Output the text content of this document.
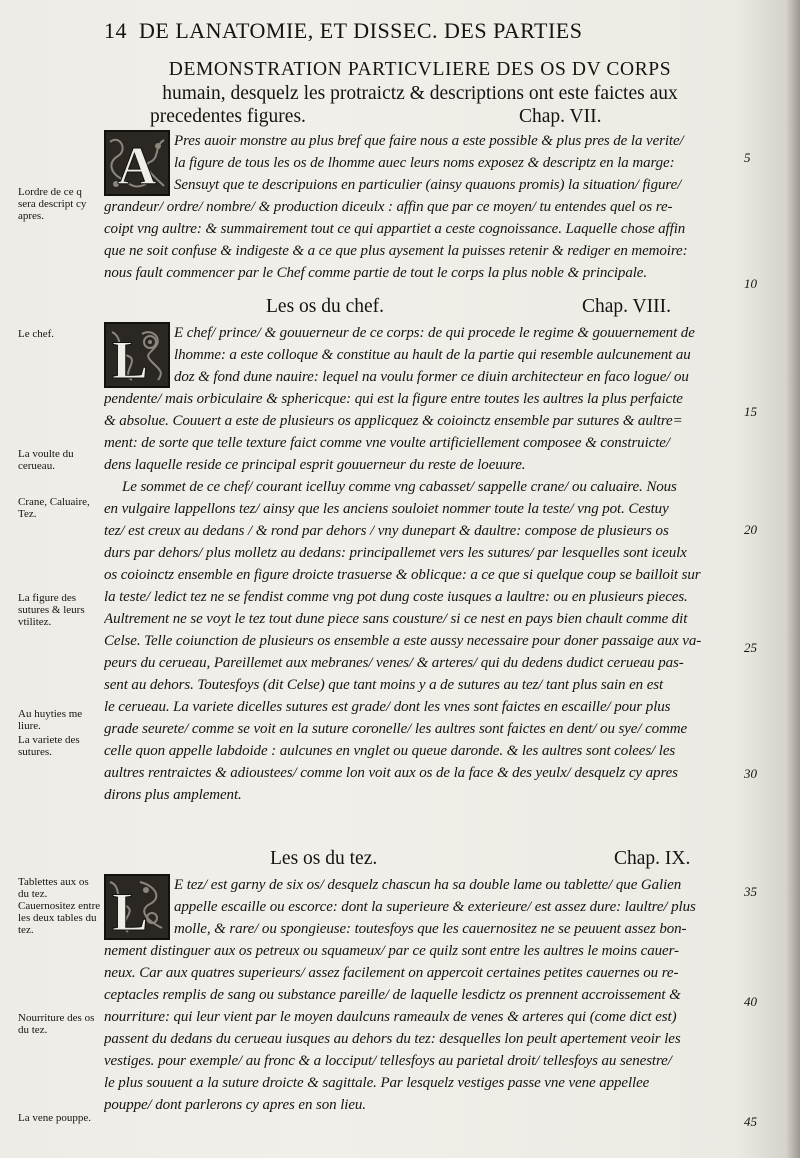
14 DE LANATOMIE, ET DISSEC. DES PARTIES
DEMONSTRATION PARTICVLIERE DES OS DV CORPS
humain, desquelz les protraictz & descriptions ont este faictes aux
precedentes figures.	Chap. VII.
A	Pres auoir monstre au plus bref que faire nous a este possible & plus pres de la verite/
la figure de tous les os de lhomme auec leurs noms exposez & descriptz en la marge:
Sensuyt que te descripuions en particulier (ainsy quauons promis) la situation/ figure/
grandeur/ ordre/ nombre/ & production diceulx : affin que par ce moyen/ tu entendes quel os re-
coipt vng aultre: & summairement tout ce qui appartiet a ceste cognoissance. Laquelle chose affin
que ne soit confuse & indigeste & a ce que plus aysement la puisses retenir & rediger en memoire:
nous fault commencer par le Chef comme partie de tout le corps la plus noble & principale.
Les os du chef.	Chap. VIII.
L	E chef/ prince/ & gouuerneur de ce corps: de qui procede le regime & gouuernement de
lhomme: a este colloque & constitue au hault de la partie qui resemble aulcunement au
doz & fond dune nauire: lequel na voulu former ce diuin architecteur en faco logue/ ou
pendente/ mais orbiculaire & sphericque: qui est la figure entre toutes les aultres la plus perfaicte
& absolue. Couuert a este de plusieurs os applicquez & coioinctz ensemble par sutures & aultre=
ment: de sorte que telle texture faict comme vne voulte artificiellement composee & construicte/
dens laquelle reside ce principal esprit gouuerneur du reste de loeuure.
Le sommet de ce chef/ courant icelluy comme vng cabasset/ sappelle crane/ ou caluaire. Nous
en vulgaire lappellons tez/ ainsy que les anciens souloiet nommer toute la teste/ vng pot. Cestuy
tez/ est creux au dedans / & rond par dehors / vny dunepart & daultre: compose de plusieurs os
durs par dehors/ plus molletz au dedans: principallemet vers les sutures/ par lesquelles sont iceulx
os coioinctz ensemble en figure droicte trasuerse & oblicque: a ce que si quelque coup se bailloit sur
la teste/ ledict tez ne se fendist comme vng pot dung coste iusques a laultre: ou en plusieurs pieces.
Aultrement ne se voyt le tez tout dune piece sans cousture/ si ce nest en pays bien chault comme dit
Celse. Telle coiunction de plusieurs os ensemble a este aussy necessaire pour doner passaige aux va-
peurs du cerueau, Pareillemet aux mebranes/ venes/ & arteres/ qui du dedens dudict cerueau pas-
sent au dehors. Toutesfoys (dit Celse) que tant moins y a de sutures au tez/ tant plus sain en est
le cerueau. La variete dicelles sutures est grade/ dont les vnes sont faictes en escaille/ pour plus
grade seurete/ comme se voit en la suture coronelle/ les aultres sont faictes en dent/ ou sye/ comme
celle quon appelle labdoide : aulcunes en vnglet ou queue daronde. & les aultres sont colees/ les
aultres rentraictes & adioustees/ comme lon voit aux os de la face & des yeulx/ desquelz cy apres
dirons plus amplement.
Les os du tez.	Chap. IX.
L	E tez/ est garny de six os/ desquelz chascun ha sa double lame ou tablette/ que Galien
appelle escaille ou escorce: dont la superieure & exterieure/ est assez dure: laultre/ plus
molle, & rare/ ou spongieuse: toutesfoys que les cauernositez ne se peuuent assez bon-
nement distinguer aux os petreux ou squameux/ par ce quilz sont entre les aultres le moins cauer-
neux. Car aux quatres superieurs/ assez facilement on appercoit certaines petites cauernes ou re-
ceptacles remplis de sang ou substance pareille/ de laquelle lesdictz os prennent accroissement &
nourriture: qui leur vient par le moyen daulcuns rameaulx de venes & arteres qui (come dict est)
passent du dedans du cerueau iusques au dehors du tez: desquelles lon peult apertement veoir les
vestiges. pour exemple/ au fronc & a locciput/ tellesfoys au parietal droit/ tellesfoys au senestre/
le plus souuent a la suture droicte & sagittale. Par lesquelz vestiges passe vne vene appellee
pouppe/ dont parlerons cy apres en son lieu.
Lordre de ce q sera descript cy apres.
Le chef.
La voulte du cerueau.
Crane, Caluaire, Tez.
La figure des sutures & leurs vtilitez.
Au huyties me liure.
La variete des sutures.
Tablettes aux os du tez. Cauernositez entre les deux tables du tez.
Nourriture des os du tez.
La vene pouppe.
5
10
15
20
25
30
35
40
45
